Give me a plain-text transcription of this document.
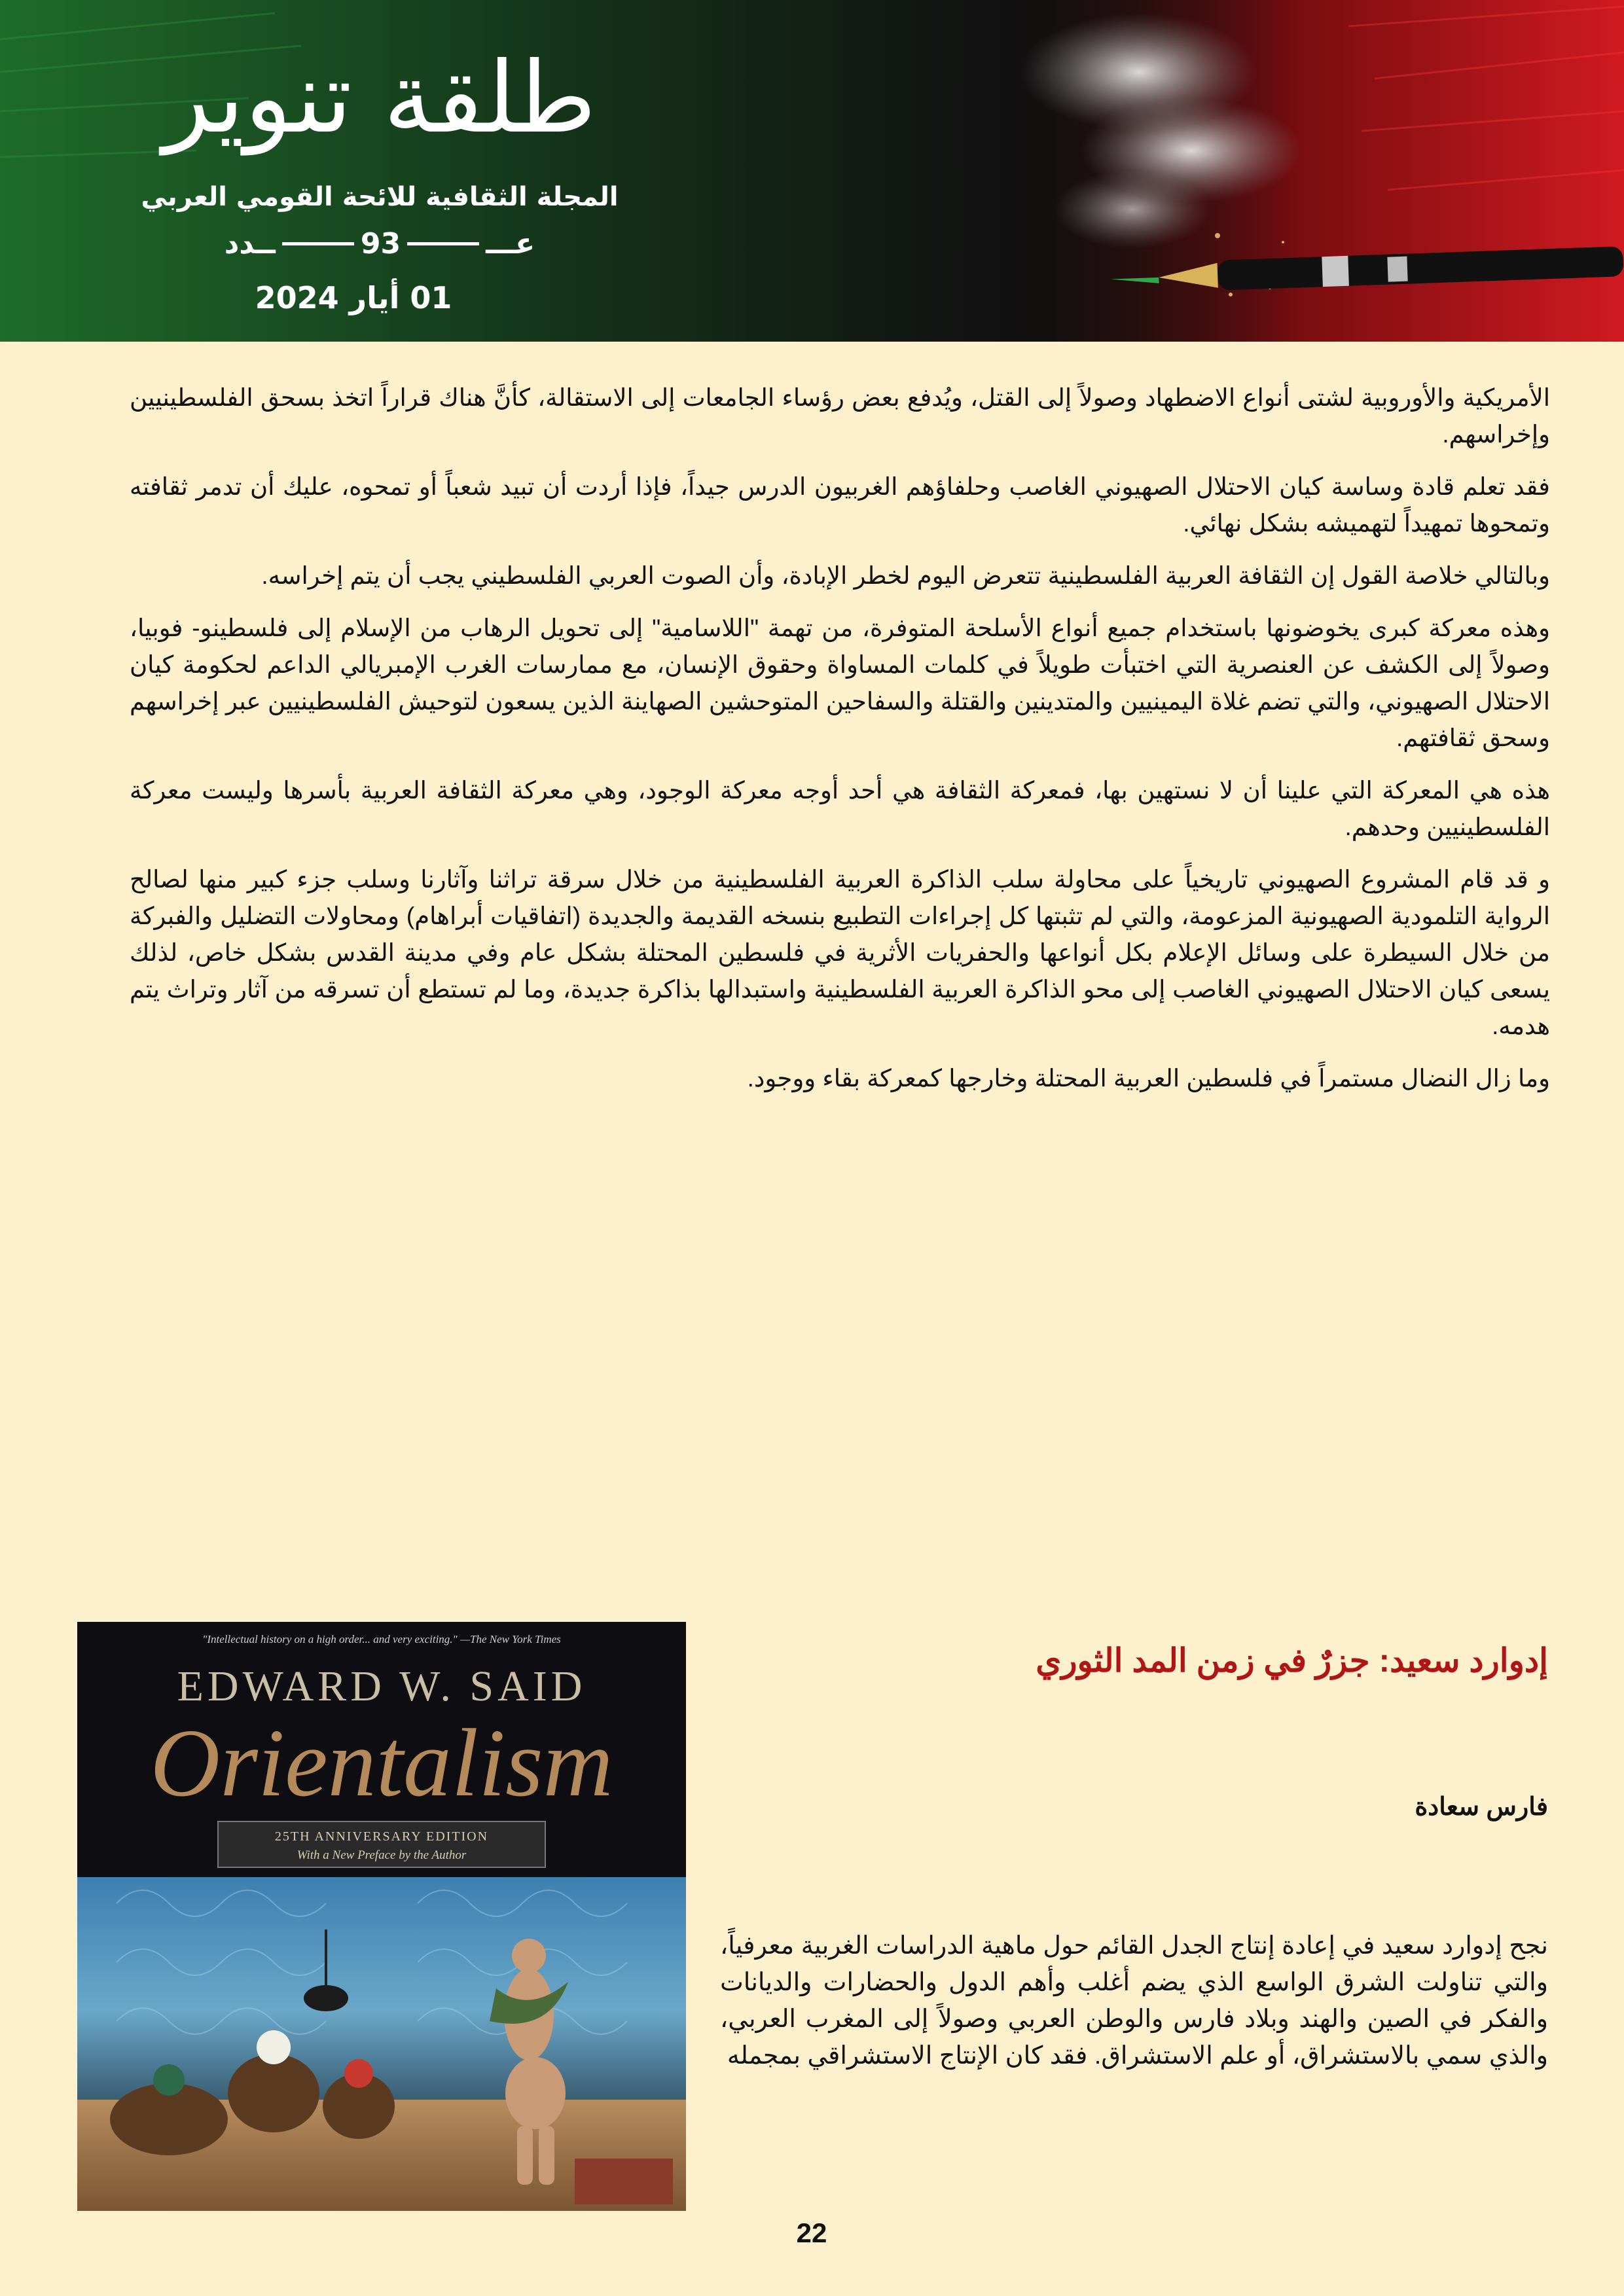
طلقة تنوير
المجلة الثقافية للائحة القومي العربي
عـــ
93
ــدد
01 أيار 2024

الأمريكية والأوروبية لشتى أنواع الاضطهاد وصولاً إلى القتل، ويُدفع بعض رؤساء الجامعات إلى الاستقالة، كأنَّ هناك قراراً اتخذ بسحق الفلسطينيين وإخراسهم.

فقد تعلم قادة وساسة كيان الاحتلال الصهيوني الغاصب وحلفاؤهم الغربيون الدرس جيداً، فإذا أردت أن تبيد شعباً أو تمحوه، عليك أن تدمر ثقافته وتمحوها تمهيداً لتهميشه بشكل نهائي.

وبالتالي خلاصة القول إن الثقافة العربية الفلسطينية تتعرض اليوم لخطر الإبادة، وأن الصوت العربي الفلسطيني يجب أن يتم إخراسه.

وهذه معركة كبرى يخوضونها باستخدام جميع أنواع الأسلحة المتوفرة، من تهمة "اللاسامية" إلى تحويل الرهاب من الإسلام إلى فلسطينو- فوبيا، وصولاً إلى الكشف عن العنصرية التي اختبأت طويلاً في كلمات المساواة وحقوق الإنسان، مع ممارسات الغرب الإمبريالي الداعم لحكومة كيان الاحتلال الصهيوني، والتي تضم غلاة اليمينيين والمتدينين والقتلة والسفاحين المتوحشين الصهاينة الذين يسعون لتوحيش الفلسطينيين عبر إخراسهم وسحق ثقافتهم.

هذه هي المعركة التي علينا أن لا نستهين بها، فمعركة الثقافة هي أحد أوجه معركة الوجود، وهي معركة الثقافة العربية بأسرها وليست معركة الفلسطينيين وحدهم.

و قد قام المشروع الصهيوني تاريخياً على محاولة سلب الذاكرة العربية الفلسطينية من خلال سرقة تراثنا وآثارنا وسلب جزء كبير منها لصالح الرواية التلمودية الصهيونية المزعومة، والتي لم تثبتها كل إجراءات التطبيع بنسخه القديمة والجديدة (اتفاقيات أبراهام) ومحاولات التضليل والفبركة من خلال السيطرة على وسائل الإعلام بكل أنواعها والحفريات الأثرية في فلسطين المحتلة بشكل عام وفي مدينة القدس بشكل خاص، لذلك يسعى كيان الاحتلال الصهيوني الغاصب إلى محو الذاكرة العربية الفلسطينية واستبدالها بذاكرة جديدة، وما لم تستطع أن تسرقه من آثار وتراث يتم هدمه.

وما زال النضال مستمراً في فلسطين العربية المحتلة وخارجها كمعركة بقاء ووجود.

"Intellectual history on a high order... and very exciting." —The New York Times
EDWARD W. SAID
Orientalism
25TH ANNIVERSARY EDITION
With a New Preface by the Author
إدوارد سعيد: جزرٌ في زمن المد الثوري
فارس سعادة
نجح إدوارد سعيد في إعادة إنتاج الجدل القائم حول ماهية الدراسات الغربية معرفياً، والتي تناولت الشرق الواسع الذي يضم أغلب وأهم الدول والحضارات والديانات والفكر في الصين والهند وبلاد فارس والوطن العربي وصولاً إلى المغرب العربي، والذي سمي بالاستشراق، أو علم الاستشراق. فقد كان الإنتاج الاستشراقي بمجمله
22
